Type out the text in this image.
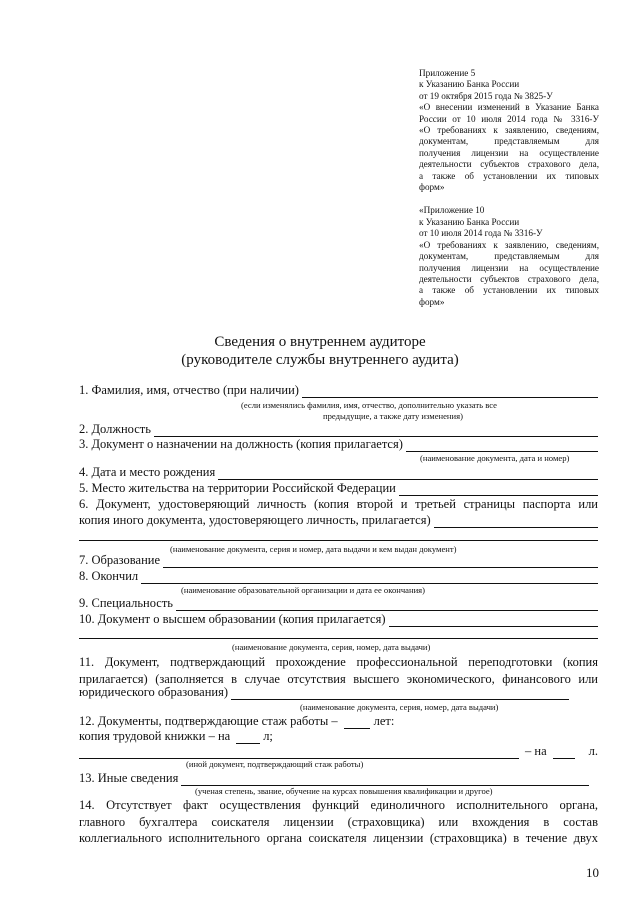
Приложение 5

к Указанию Банка России

от 19 октября 2015 года № 3825-У

«О внесении изменений в Указание Банка

России от 10 июля 2014 года № 3316-У

«О требованиях к заявлению, сведениям,

документам, представляемым для

получения лицензии на осуществление

деятельности субъектов страхового дела,

а также об установлении их типовых

форм»

«Приложение 10

к Указанию Банка России

от 10 июля 2014 года № 3316-У

«О требованиях к заявлению, сведениям,

документам, представляемым для

получения лицензии на осуществление

деятельности субъектов страхового дела,

а также об установлении их типовых

форм»

Сведения о внутреннем аудиторе
(руководителе службы внутреннего аудита)
1. Фамилия, имя, отчество (при наличии)
(если изменялись фамилия, имя, отчество, дополнительно указать все
предыдущие, а также дату изменения)
2. Должность
3. Документ о назначении на должность (копия прилагается)
(наименование документа, дата и номер)
4. Дата и место рождения
5. Место жительства на территории Российской Федерации
6. Документ, удостоверяющий личность (копия второй и третьей страницы паспорта или
копия иного документа, удостоверяющего личность, прилагается)
(наименование документа, серия и номер, дата выдачи и кем выдан документ)
7. Образование
8. Окончил
(наименование образовательной организации и дата ее окончания)
9. Специальность
10. Документ о высшем образовании (копия прилагается)
(наименование документа, серия, номер, дата выдачи)
11. Документ, подтверждающий прохождение профессиональной переподготовки (копия
прилагается) (заполняется в случае отсутствия высшего экономического, финансового или
юридического образования)
(наименование документа, серия, номер, дата выдачи)
12. Документы, подтверждающие стаж работы –	лет:
копия трудовой книжки – на	л;
– на	л.
(иной документ, подтверждающий стаж работы)
13. Иные сведения
(ученая степень, звание, обучение на курсах повышения квалификации и другое)
14. Отсутствует факт осуществления функций единоличного исполнительного органа,
главного бухгалтера соискателя лицензии (страховщика) или вхождения в состав
коллегиального исполнительного органа соискателя лицензии (страховщика) в течение двух
10
